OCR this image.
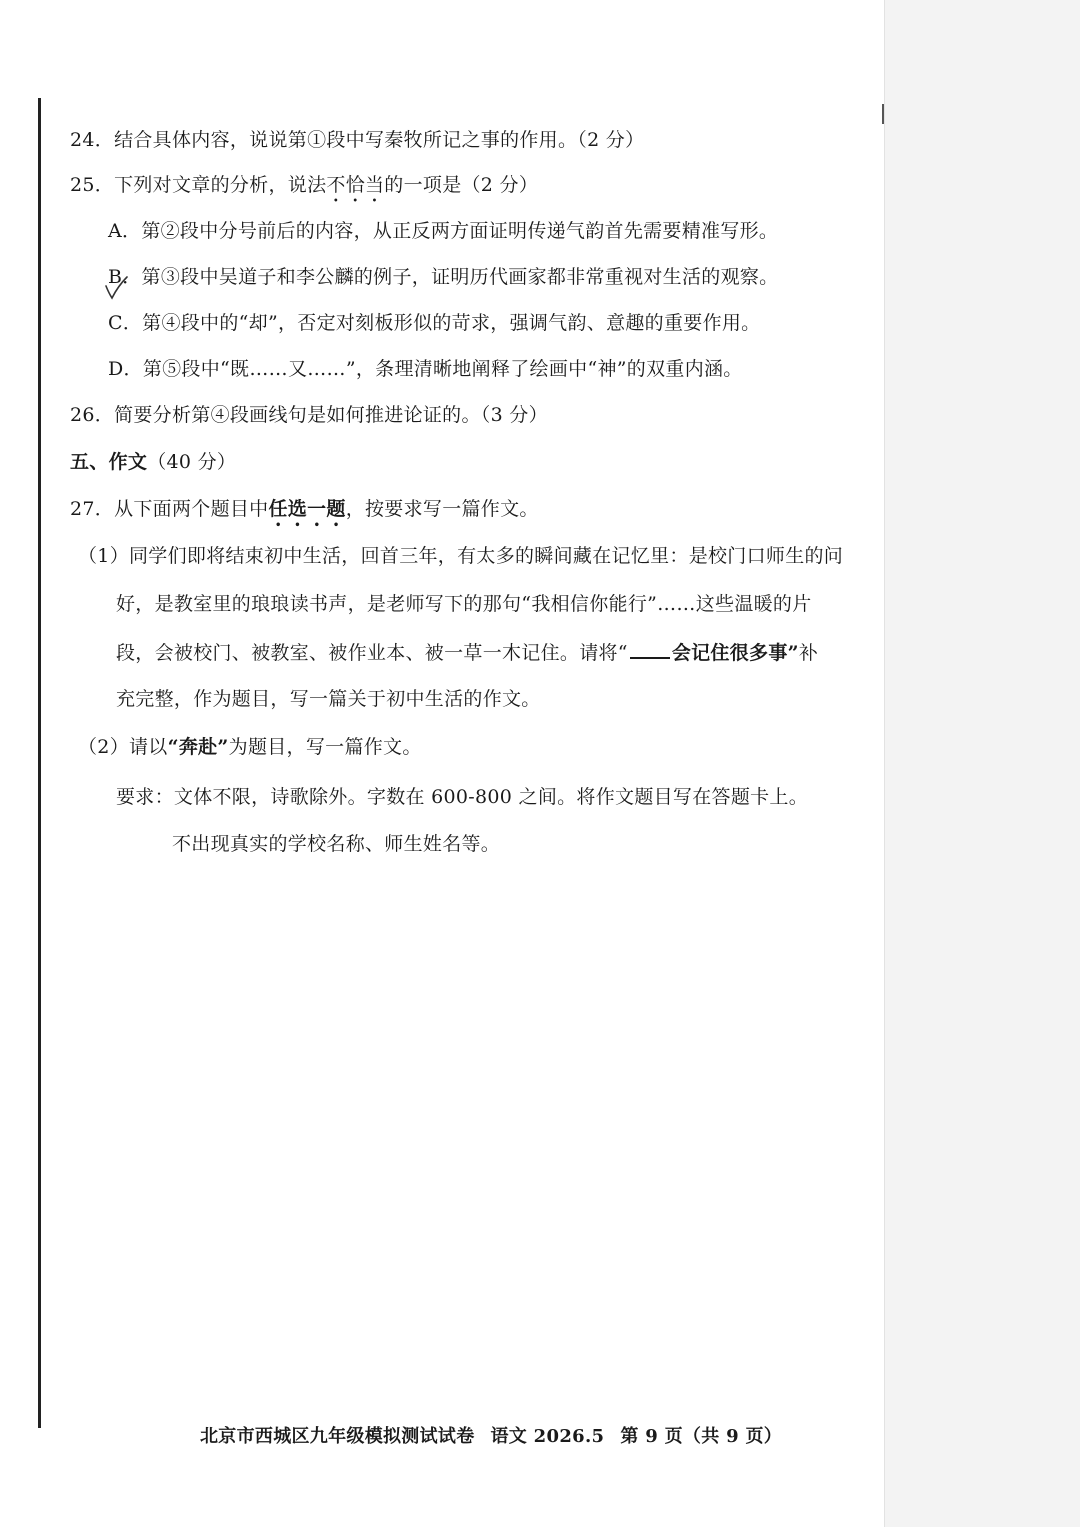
24．结合具体内容，说说第①段中写秦牧所记之事的作用。（2 分）
25．下列对文章的分析，说法不恰当的一项是（2 分）
A．第②段中分号前后的内容，从正反两方面证明传递气韵首先需要精准写形。
B．第③段中吴道子和李公麟的例子，证明历代画家都非常重视对生活的观察。
C．第④段中的“却”，否定对刻板形似的苛求，强调气韵、意趣的重要作用。
D．第⑤段中“既……又……”，条理清晰地阐释了绘画中“神”的双重内涵。
26．简要分析第④段画线句是如何推进论证的。（3 分）
五、作文（40 分）
27．从下面两个题目中任选一题，按要求写一篇作文。
（1）同学们即将结束初中生活，回首三年，有太多的瞬间藏在记忆里：是校门口师生的问
好，是教室里的琅琅读书声，是老师写下的那句“我相信你能行”……这些温暖的片
段，会被校门、被教室、被作业本、被一草一木记住。请将“ 会记住很多事”补
充完整，作为题目，写一篇关于初中生活的作文。
（2）请以“奔赴”为题目，写一篇作文。
要求：文体不限，诗歌除外。字数在 600-800 之间。将作文题目写在答题卡上。
不出现真实的学校名称、师生姓名等。
北京市西城区九年级模拟测试试卷 语文 2026.5 第 9 页（共 9 页）
